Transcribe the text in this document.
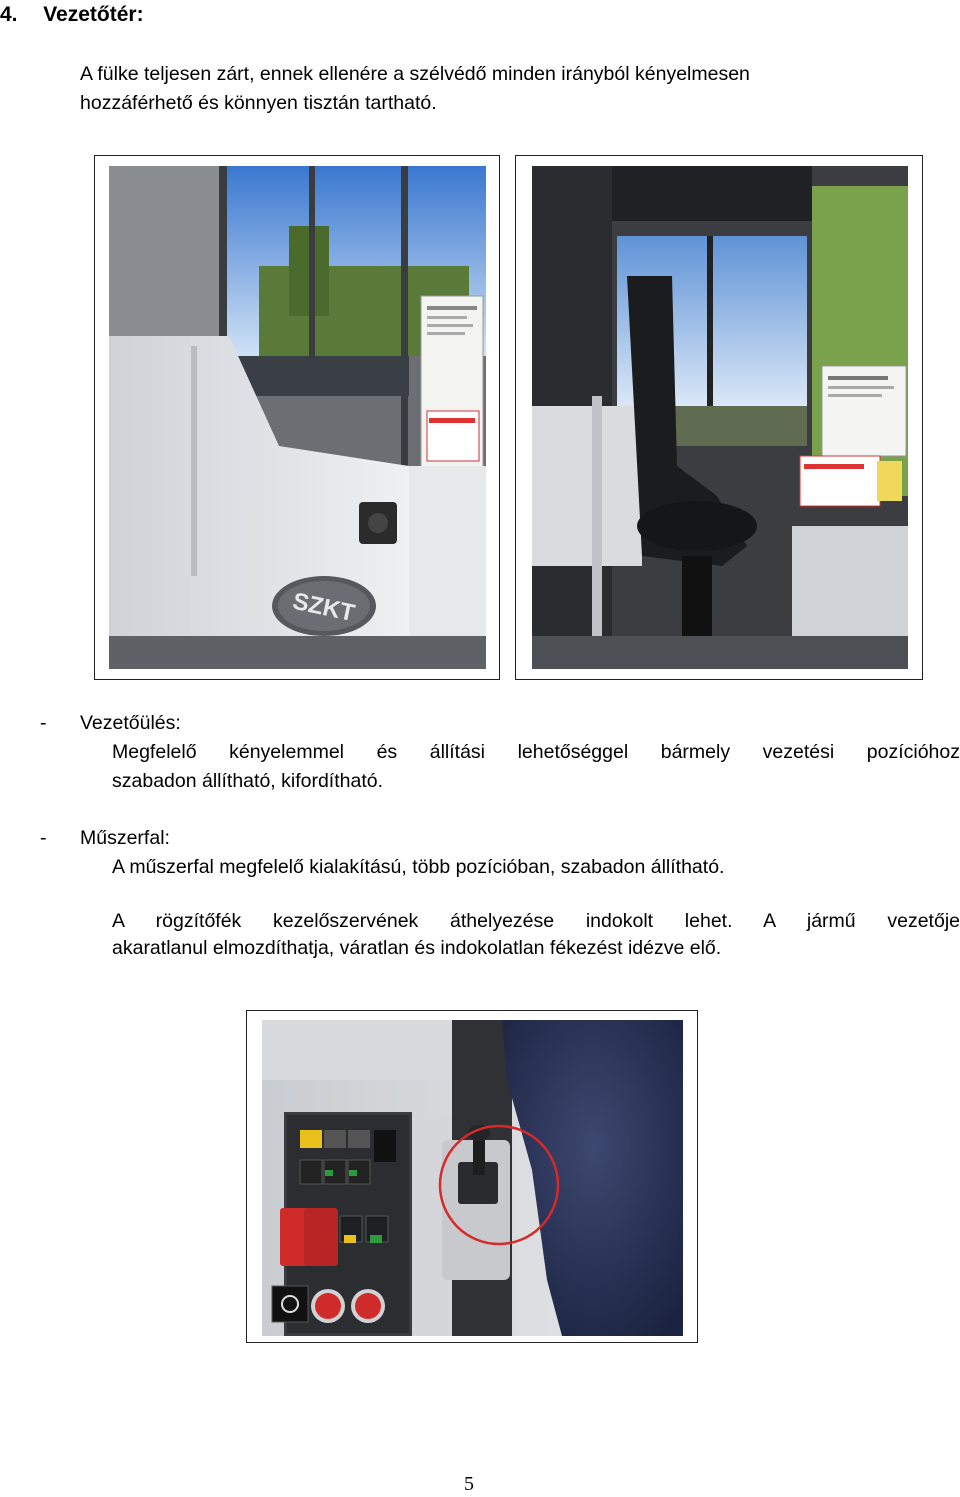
4. Vezetőtér:
A fülke teljesen zárt, ennek ellenére a szélvédő minden irányból kényelmesen
hozzáférhető és könnyen tisztán tartható.
SZKT
- Vezetőülés:
Megfelelő kényelemmel és állítási lehetőséggel bármely vezetési pozícióhoz
szabadon állítható, kifordítható.
- Műszerfal:
A műszerfal megfelelő kialakítású, több pozícióban, szabadon állítható.
A rögzítőfék kezelőszervének áthelyezése indokolt lehet. A jármű vezetője
akaratlanul elmozdíthatja, váratlan és indokolatlan fékezést idézve elő.
5
